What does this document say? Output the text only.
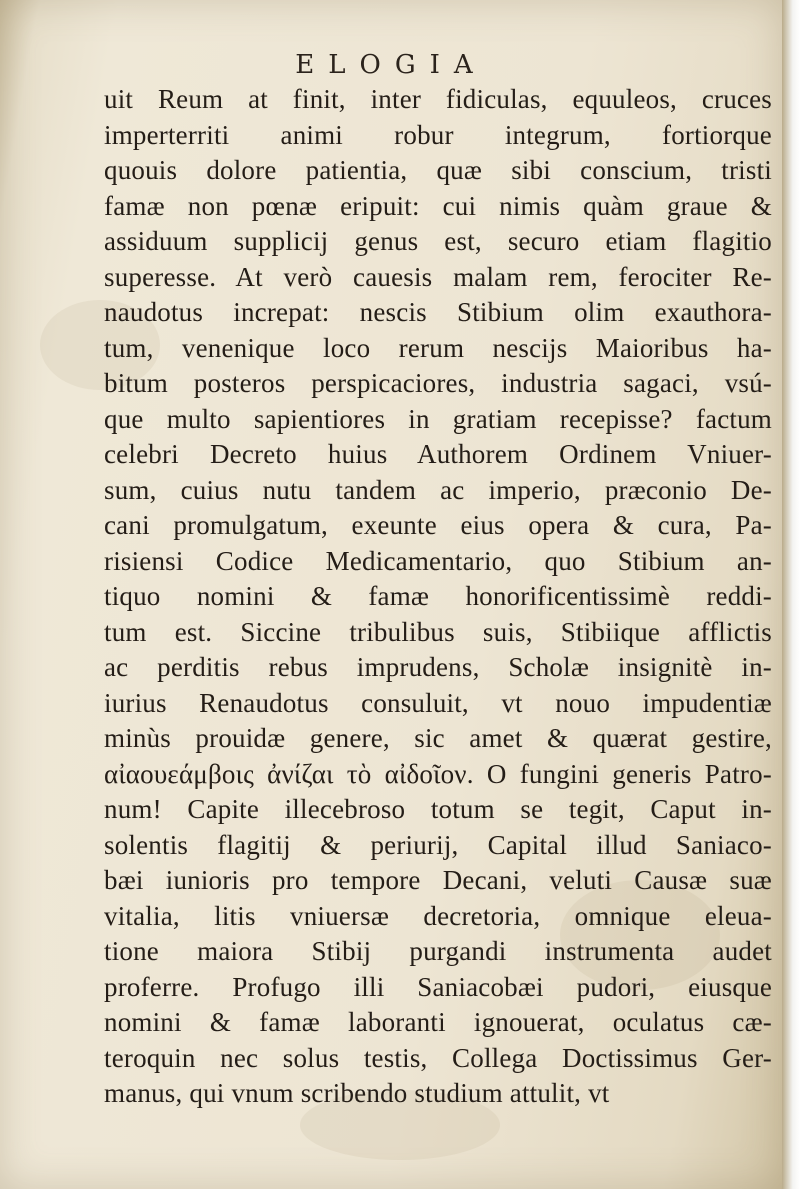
ELOGIA
uit Reum at finit, inter fidiculas, equuleos, cruces
imperterriti animi robur integrum, fortiorque
quouis dolore patientia, quæ sibi conscium, tristi
famæ non pœnæ eripuit: cui nimis quàm graue &
assiduum supplicij genus est, securo etiam flagitio
superesse. At verò cauesis malam rem, ferociter Re-
naudotus increpat: nescis Stibium olim exauthora-
tum, venenique loco rerum nescijs Maioribus ha-
bitum posteros perspicaciores, industria sagaci, vsú-
que multo sapientiores in gratiam recepisse? factum
celebri Decreto huius Authorem Ordinem Vniuer-
sum, cuius nutu tandem ac imperio, præconio De-
cani promulgatum, exeunte eius opera & cura, Pa-
risiensi Codice Medicamentario, quo Stibium an-
tiquo nomini & famæ honorificentissimè reddi-
tum est. Siccine tribulibus suis, Stibiique afflictis
ac perditis rebus imprudens, Scholæ insignitè in-
iurius Renaudotus consuluit, vt nouo impudentiæ
minùs prouidæ genere, sic amet & quærat gestire,
αἰαουεάμβοις ἀνίζαι τὸ αἰδοῖον. O fungini generis Patro-
num! Capite illecebroso totum se tegit, Caput in-
solentis flagitij & periurij, Capital illud Saniaco-
bæi iunioris pro tempore Decani, veluti Causæ suæ
vitalia, litis vniuersæ decretoria, omnique eleua-
tione maiora Stibij purgandi instrumenta audet
proferre. Profugo illi Saniacobæi pudori, eiusque
nomini & famæ laboranti ignouerat, oculatus cæ-
teroquin nec solus testis, Collega Doctissimus Ger-
manus, qui vnum scribendo studium attulit, vt
